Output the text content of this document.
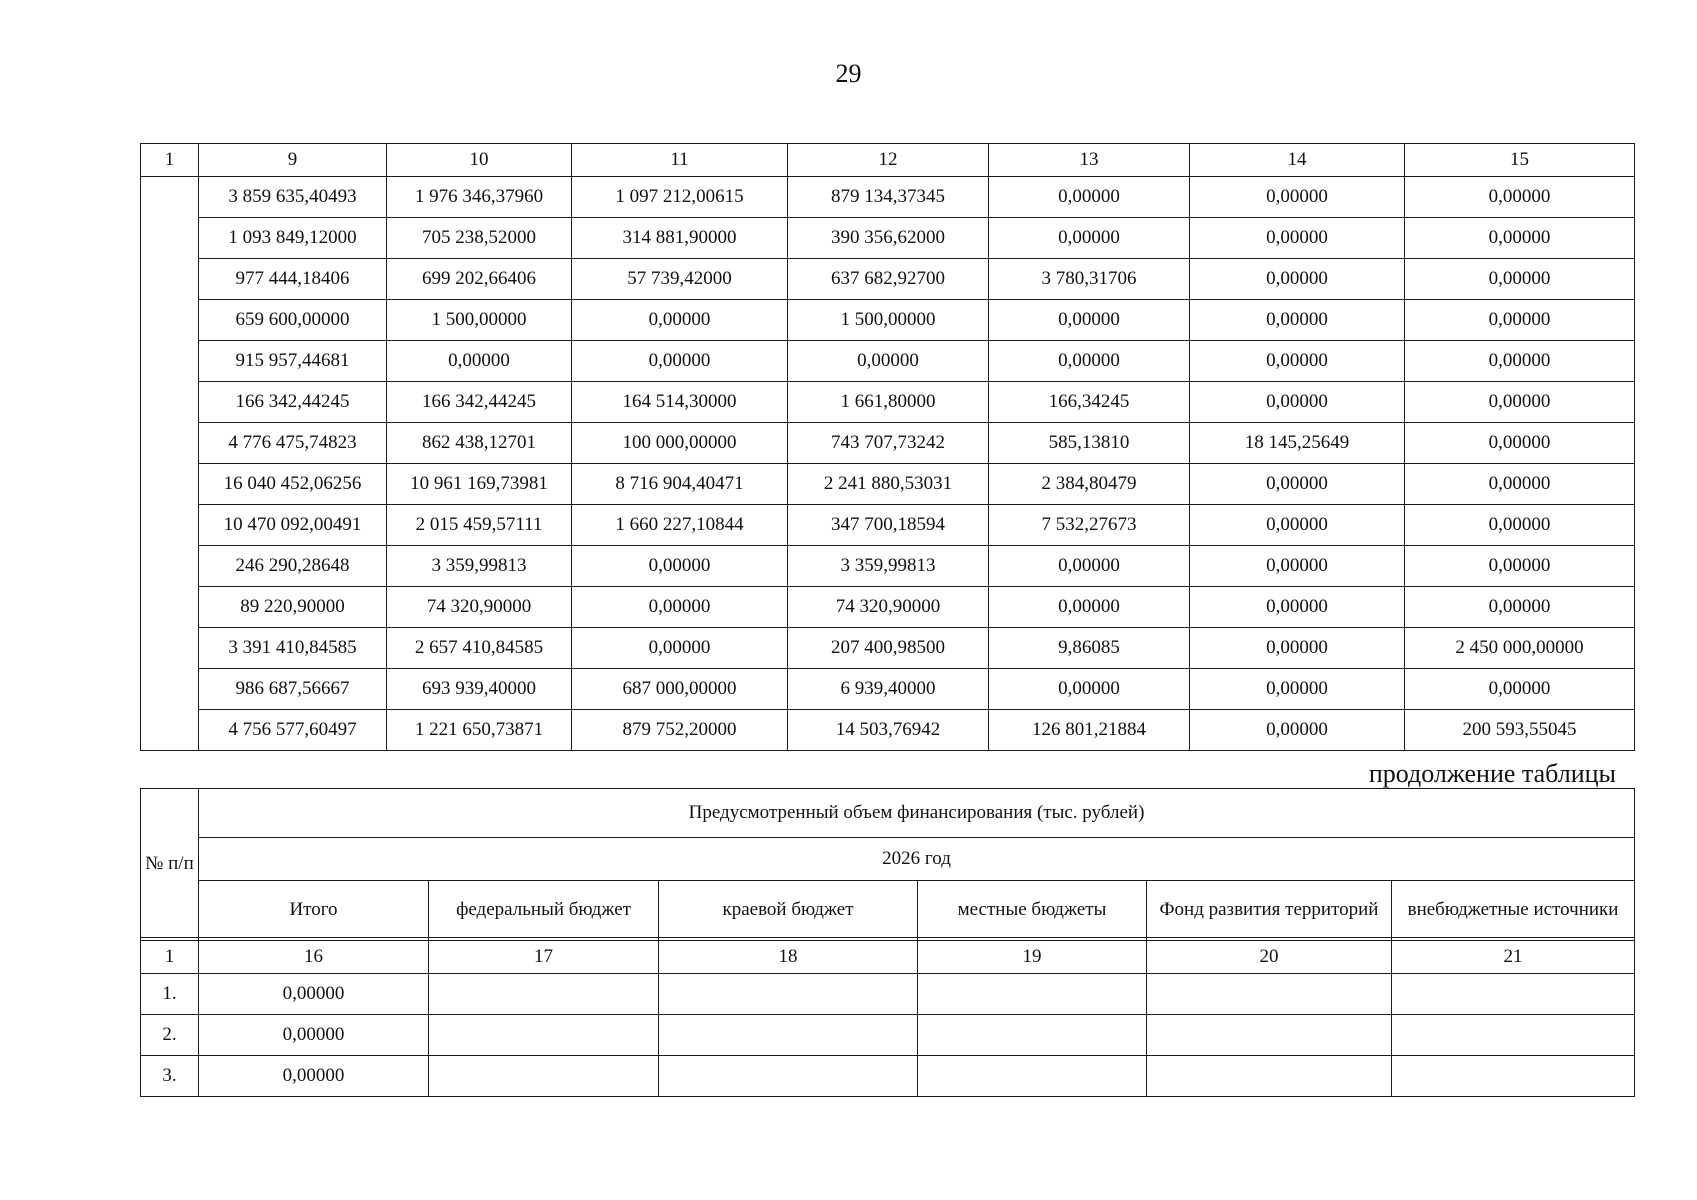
29
1	9	10	11	12	13	14	15
	3 859 635,40493	1 976 346,37960	1 097 212,00615	879 134,37345	0,00000	0,00000	0,00000
	1 093 849,12000	705 238,52000	314 881,90000	390 356,62000	0,00000	0,00000	0,00000
	977 444,18406	699 202,66406	57 739,42000	637 682,92700	3 780,31706	0,00000	0,00000
	659 600,00000	1 500,00000	0,00000	1 500,00000	0,00000	0,00000	0,00000
	915 957,44681	0,00000	0,00000	0,00000	0,00000	0,00000	0,00000
	166 342,44245	166 342,44245	164 514,30000	1 661,80000	166,34245	0,00000	0,00000
	4 776 475,74823	862 438,12701	100 000,00000	743 707,73242	585,13810	18 145,25649	0,00000
	16 040 452,06256	10 961 169,73981	8 716 904,40471	2 241 880,53031	2 384,80479	0,00000	0,00000
	10 470 092,00491	2 015 459,57111	1 660 227,10844	347 700,18594	7 532,27673	0,00000	0,00000
	246 290,28648	3 359,99813	0,00000	3 359,99813	0,00000	0,00000	0,00000
	89 220,90000	74 320,90000	0,00000	74 320,90000	0,00000	0,00000	0,00000
	3 391 410,84585	2 657 410,84585	0,00000	207 400,98500	9,86085	0,00000	2 450 000,00000
	986 687,56667	693 939,40000	687 000,00000	6 939,40000	0,00000	0,00000	0,00000
	4 756 577,60497	1 221 650,73871	879 752,20000	14 503,76942	126 801,21884	0,00000	200 593,55045
продолжение таблицы
№ п/п	Предусмотренный объем финансирования (тыс. рублей)					
	2026 год					
	Итого	федеральный бюджет	краевой бюджет	местные бюджеты	Фонд развития территорий	внебюджетные источники

1	16	17	18	19	20	21
1.	0,00000					
2.	0,00000					
3.	0,00000					
